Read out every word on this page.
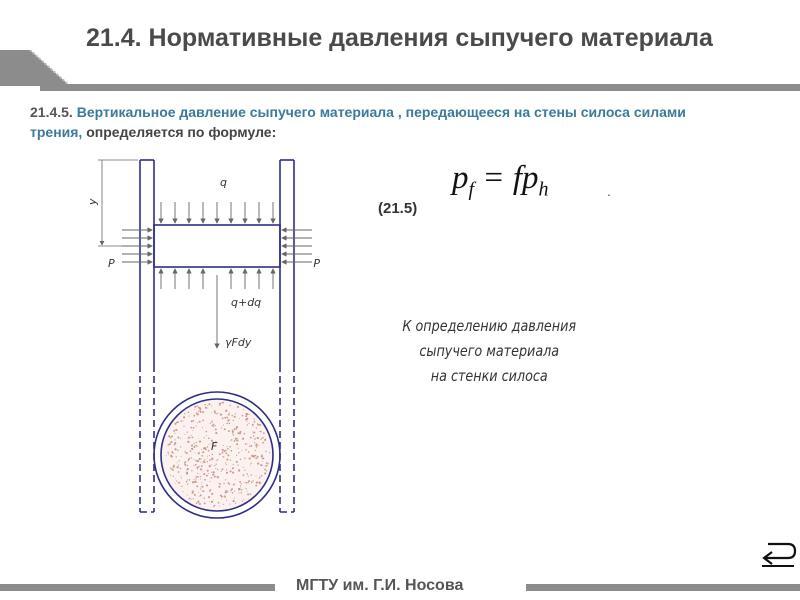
21.4. Нормативные давления сыпучего материала
21.4.5. Вертикальное давление сыпучего материала , передающееся на стены силоса силами трения, определяется по формуле:
$p_f = fp_h$	.
(21.5)
К определению давления
сыпучего материала
на стенки силоса
q
q+dq
γFdy
P	P
y
F
МГТУ им. Г.И. Носова
